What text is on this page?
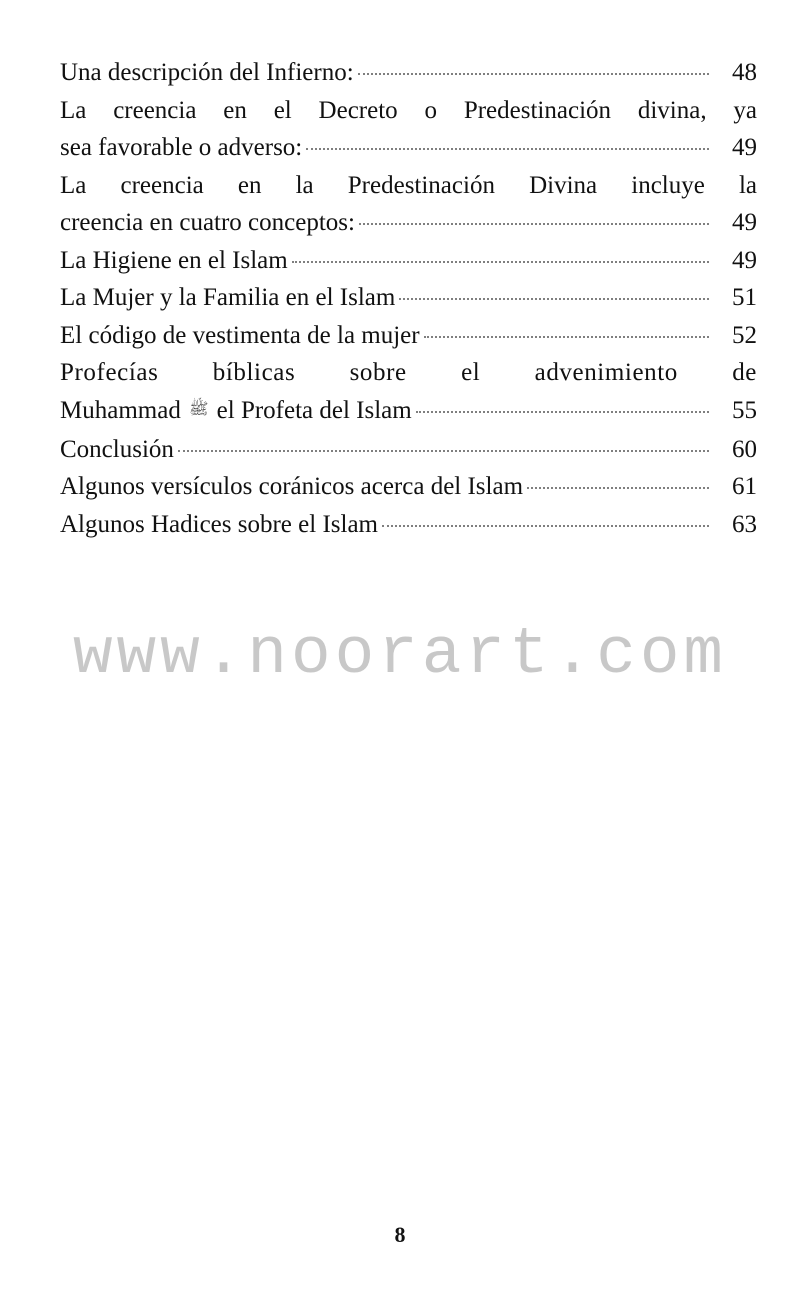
Una descripción del Infierno:	48
La creencia en el Decreto o Predestinación divina, ya
sea favorable o adverso:	49
La creencia en la Predestinación Divina incluye la
creencia en cuatro conceptos:	49
La Higiene en el Islam	49
La Mujer y la Familia en el Islam	51
El código de vestimenta de la mujer	52
Profecías bíblicas sobre el advenimiento de
Muhammad ﷺ el Profeta del Islam	55
Conclusión	60
Algunos versículos coránicos acerca del Islam	61
Algunos Hadices sobre el Islam	63
www.noorart.com
8
